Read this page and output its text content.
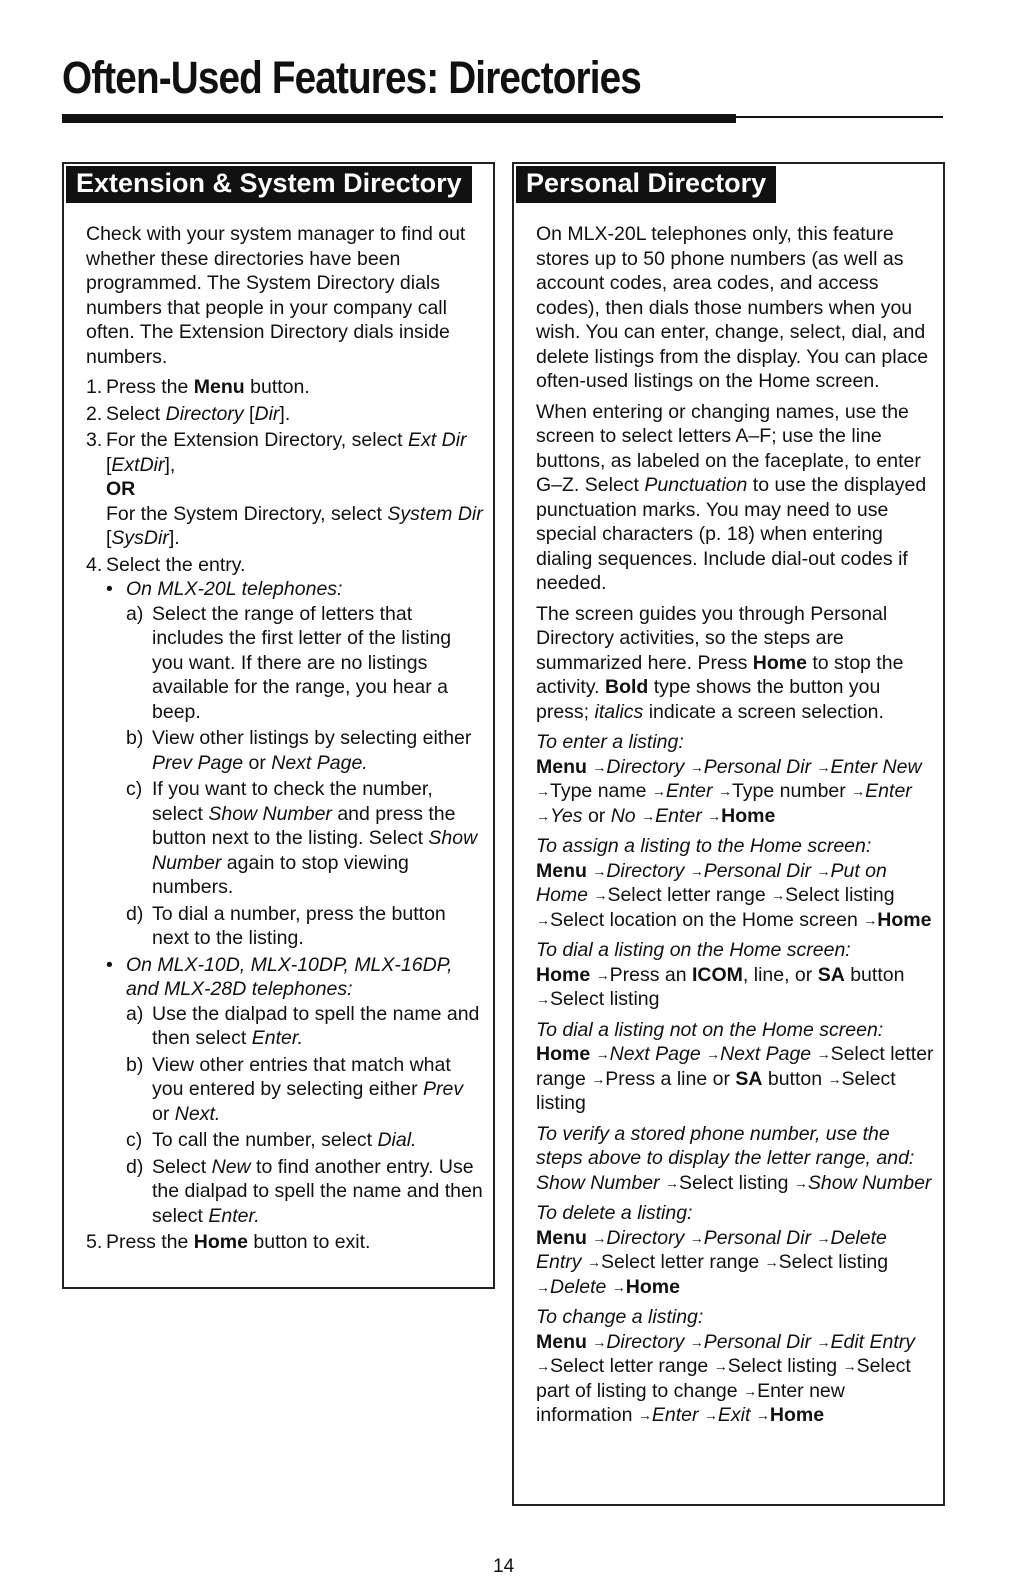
Often-Used Features: Directories
Extension & System Directory

Check with your system manager to find out whether these directories have been programmed. The System Directory dials numbers that people in your company call often. The Extension Directory dials inside numbers.

1. Press the Menu button.
2. Select Directory [Dir].
3. For the Extension Directory, select Ext Dir [ExtDir],
OR
For the System Directory, select System Dir [SysDir].
4. Select the entry.
• On MLX-20L telephones:
a) Select the range of letters that includes the first letter of the listing you want. If there are no listings available for the range, you hear a beep.
b) View other listings by selecting either Prev Page or Next Page.
c) If you want to check the number, select Show Number and press the button next to the listing. Select Show Number again to stop viewing numbers.
d) To dial a number, press the button next to the listing.
• On MLX-10D, MLX-10DP, MLX-16DP, and MLX-28D telephones:
a) Use the dialpad to spell the name and then select Enter.
b) View other entries that match what you entered by selecting either Prev or Next.
c) To call the number, select Dial.
d) Select New to find another entry. Use the dialpad to spell the name and then select Enter.
5. Press the Home button to exit.
Personal Directory

On MLX-20L telephones only, this feature stores up to 50 phone numbers (as well as account codes, area codes, and access codes), then dials those numbers when you wish. You can enter, change, select, dial, and delete listings from the display. You can place often-used listings on the Home screen.

When entering or changing names, use the screen to select letters A–F; use the line buttons, as labeled on the faceplate, to enter G–Z. Select Punctuation to use the displayed punctuation marks. You may need to use special characters (p. 18) when entering dialing sequences. Include dial-out codes if needed.

The screen guides you through Personal Directory activities, so the steps are summarized here. Press Home to stop the activity. Bold type shows the button you press; italics indicate a screen selection.

To enter a listing:
Menu →Directory →Personal Dir →Enter New →Type name →Enter →Type number →Enter →Yes or No →Enter →Home
To assign a listing to the Home screen:
Menu →Directory →Personal Dir →Put on Home →Select letter range →Select listing →Select location on the Home screen →Home
To dial a listing on the Home screen:
Home →Press an ICOM, line, or SA button →Select listing
To dial a listing not on the Home screen:
Home →Next Page →Next Page →Select letter range →Press a line or SA button →Select listing
To verify a stored phone number, use the steps above to display the letter range, and:
Show Number →Select listing →Show Number
To delete a listing:
Menu →Directory →Personal Dir →Delete Entry →Select letter range →Select listing →Delete →Home
To change a listing:
Menu →Directory →Personal Dir →Edit Entry →Select letter range →Select listing →Select part of listing to change →Enter new information →Enter →Exit →Home
14
